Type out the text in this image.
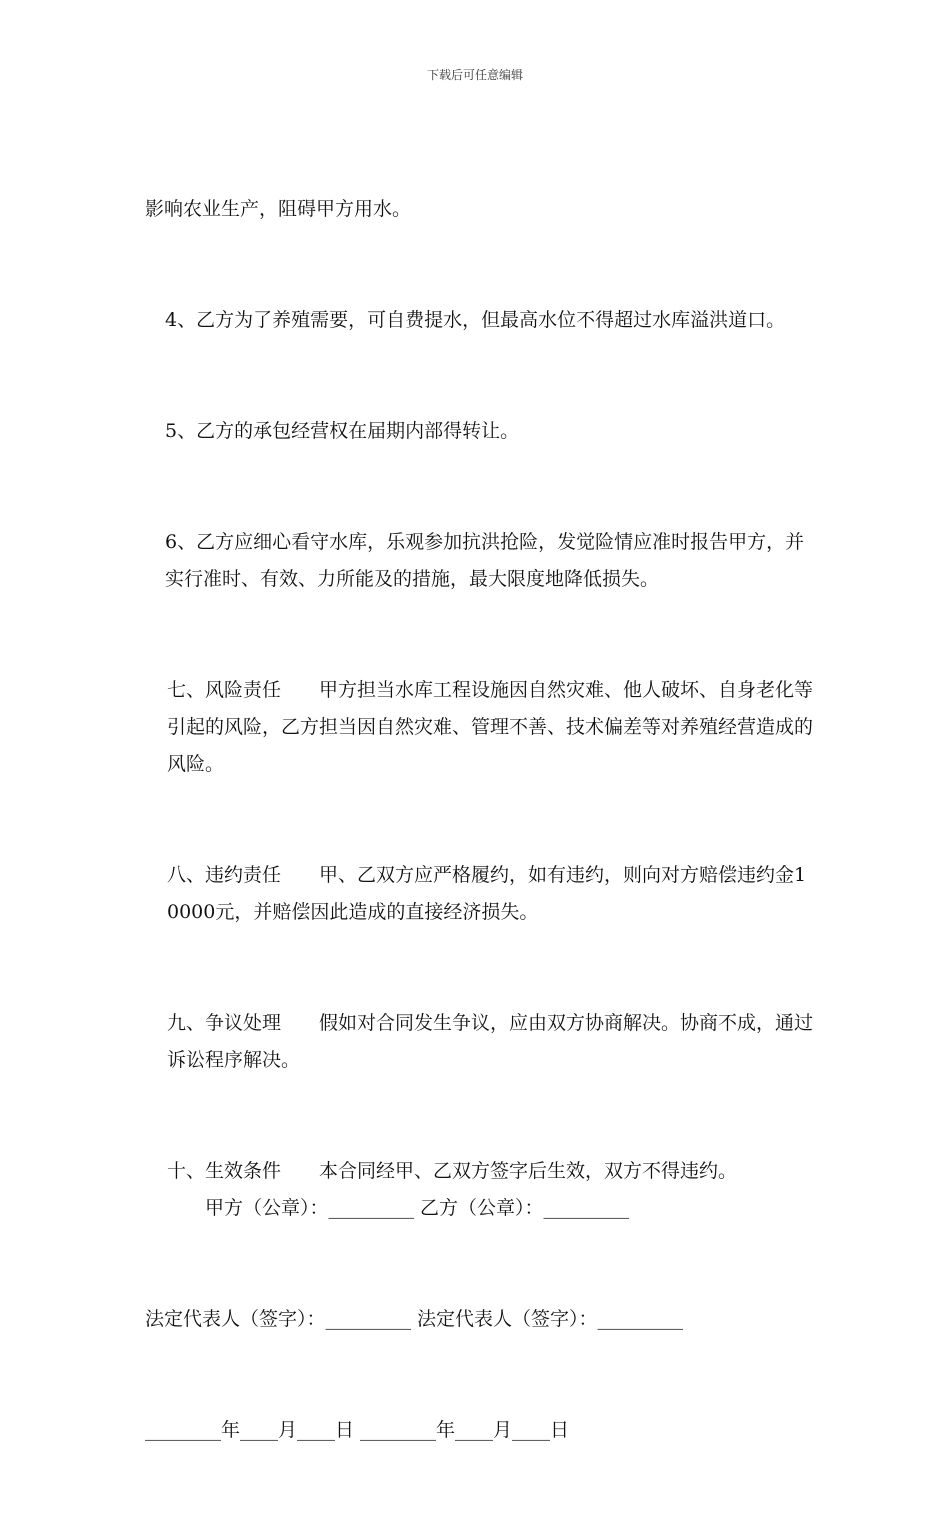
下载后可任意编辑

影响农业生产，阻碍甲方用水。

4、乙方为了养殖需要，可自费提水，但最高水位不得超过水库溢洪道口。

5、乙方的承包经营权在届期内部得转让。

6、乙方应细心看守水库，乐观参加抗洪抢险，发觉险情应准时报告甲方，并实行准时、有效、力所能及的措施，最大限度地降低损失。

七、风险责任　　甲方担当水库工程设施因自然灾难、他人破坏、自身老化等引起的风险，乙方担当因自然灾难、管理不善、技术偏差等对养殖经营造成的风险。

八、违约责任　　甲、乙双方应严格履约，如有违约，则向对方赔偿违约金10000元，并赔偿因此造成的直接经济损失。

九、争议处理　　假如对合同发生争议，应由双方协商解决。协商不成，通过诉讼程序解决。

十、生效条件　　本合同经甲、乙双方签字后生效，双方不得违约。　　甲方（公章）：_________ 乙方（公章）：_________

法定代表人（签字）：_________ 法定代表人（签字）：_________

________年____月____日 ________年____月____日
